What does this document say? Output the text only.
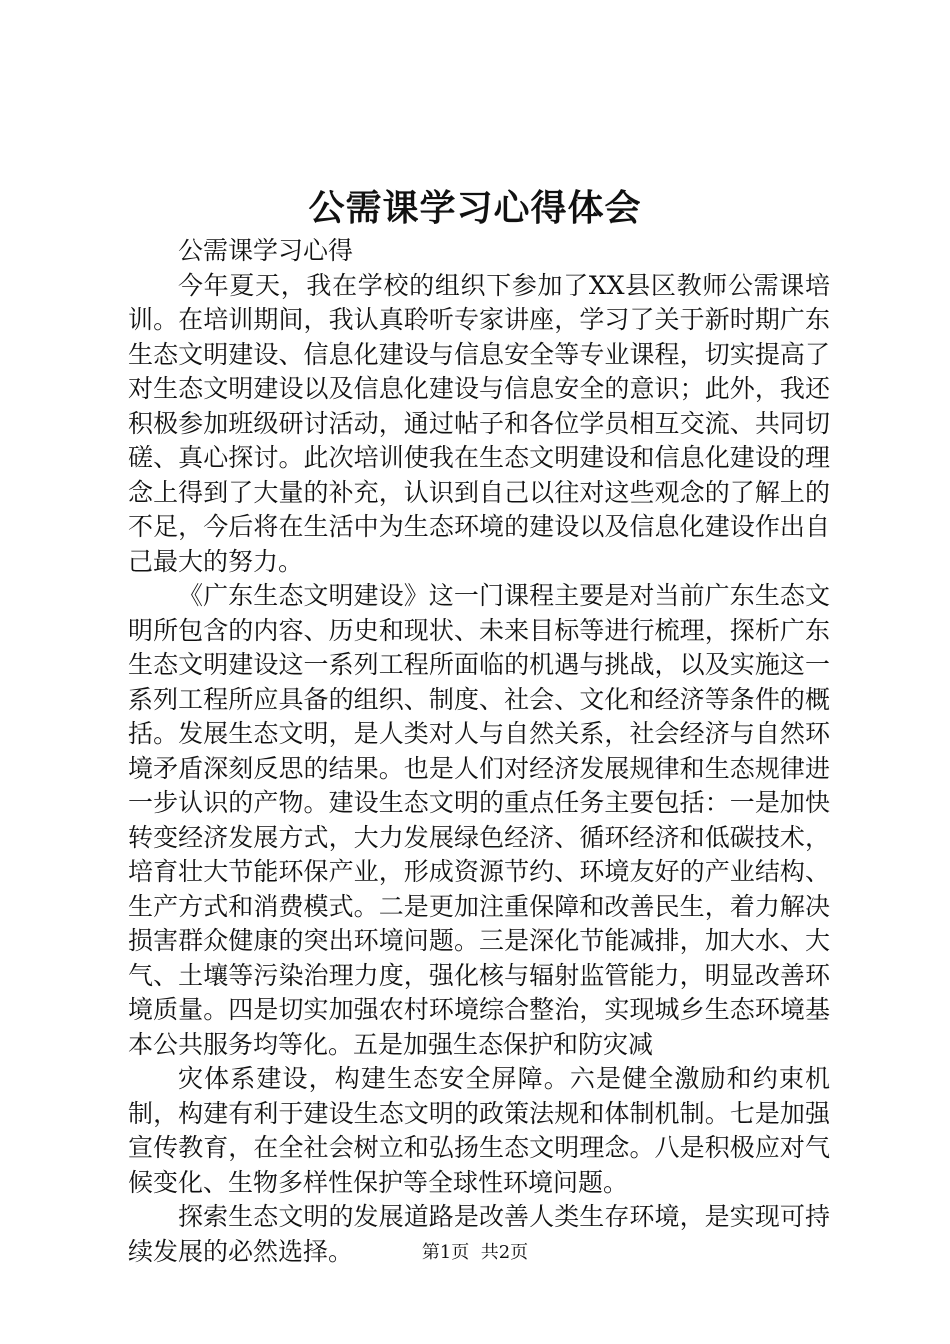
公需课学习心得体会

公需课学习心得

今年夏天，我在学校的组织下参加了XX县区教师公需课培训。在培训期间，我认真聆听专家讲座，学习了关于新时期广东生态文明建设、信息化建设与信息安全等专业课程，切实提高了对生态文明建设以及信息化建设与信息安全的意识；此外，我还积极参加班级研讨活动，通过帖子和各位学员相互交流、共同切磋、真心探讨。此次培训使我在生态文明建设和信息化建设的理念上得到了大量的补充，认识到自己以往对这些观念的了解上的不足，今后将在生活中为生态环境的建设以及信息化建设作出自己最大的努力。

《广东生态文明建设》这一门课程主要是对当前广东生态文明所包含的内容、历史和现状、未来目标等进行梳理，探析广东生态文明建设这一系列工程所面临的机遇与挑战，以及实施这一系列工程所应具备的组织、制度、社会、文化和经济等条件的概括。发展生态文明，是人类对人与自然关系，社会经济与自然环境矛盾深刻反思的结果。也是人们对经济发展规律和生态规律进一步认识的产物。建设生态文明的重点任务主要包括：一是加快转变经济发展方式，大力发展绿色经济、循环经济和低碳技术，培育壮大节能环保产业，形成资源节约、环境友好的产业结构、生产方式和消费模式。二是更加注重保障和改善民生，着力解决损害群众健康的突出环境问题。三是深化节能减排，加大水、大气、土壤等污染治理力度，强化核与辐射监管能力，明显改善环境质量。四是切实加强农村环境综合整治，实现城乡生态环境基本公共服务均等化。五是加强生态保护和防灾减

灾体系建设，构建生态安全屏障。六是健全激励和约束机制，构建有利于建设生态文明的政策法规和体制机制。七是加强宣传教育，在全社会树立和弘扬生态文明理念。八是积极应对气候变化、生物多样性保护等全球性环境问题。

探索生态文明的发展道路是改善人类生存环境，是实现可持续发展的必然选择。	第1页 共2页
